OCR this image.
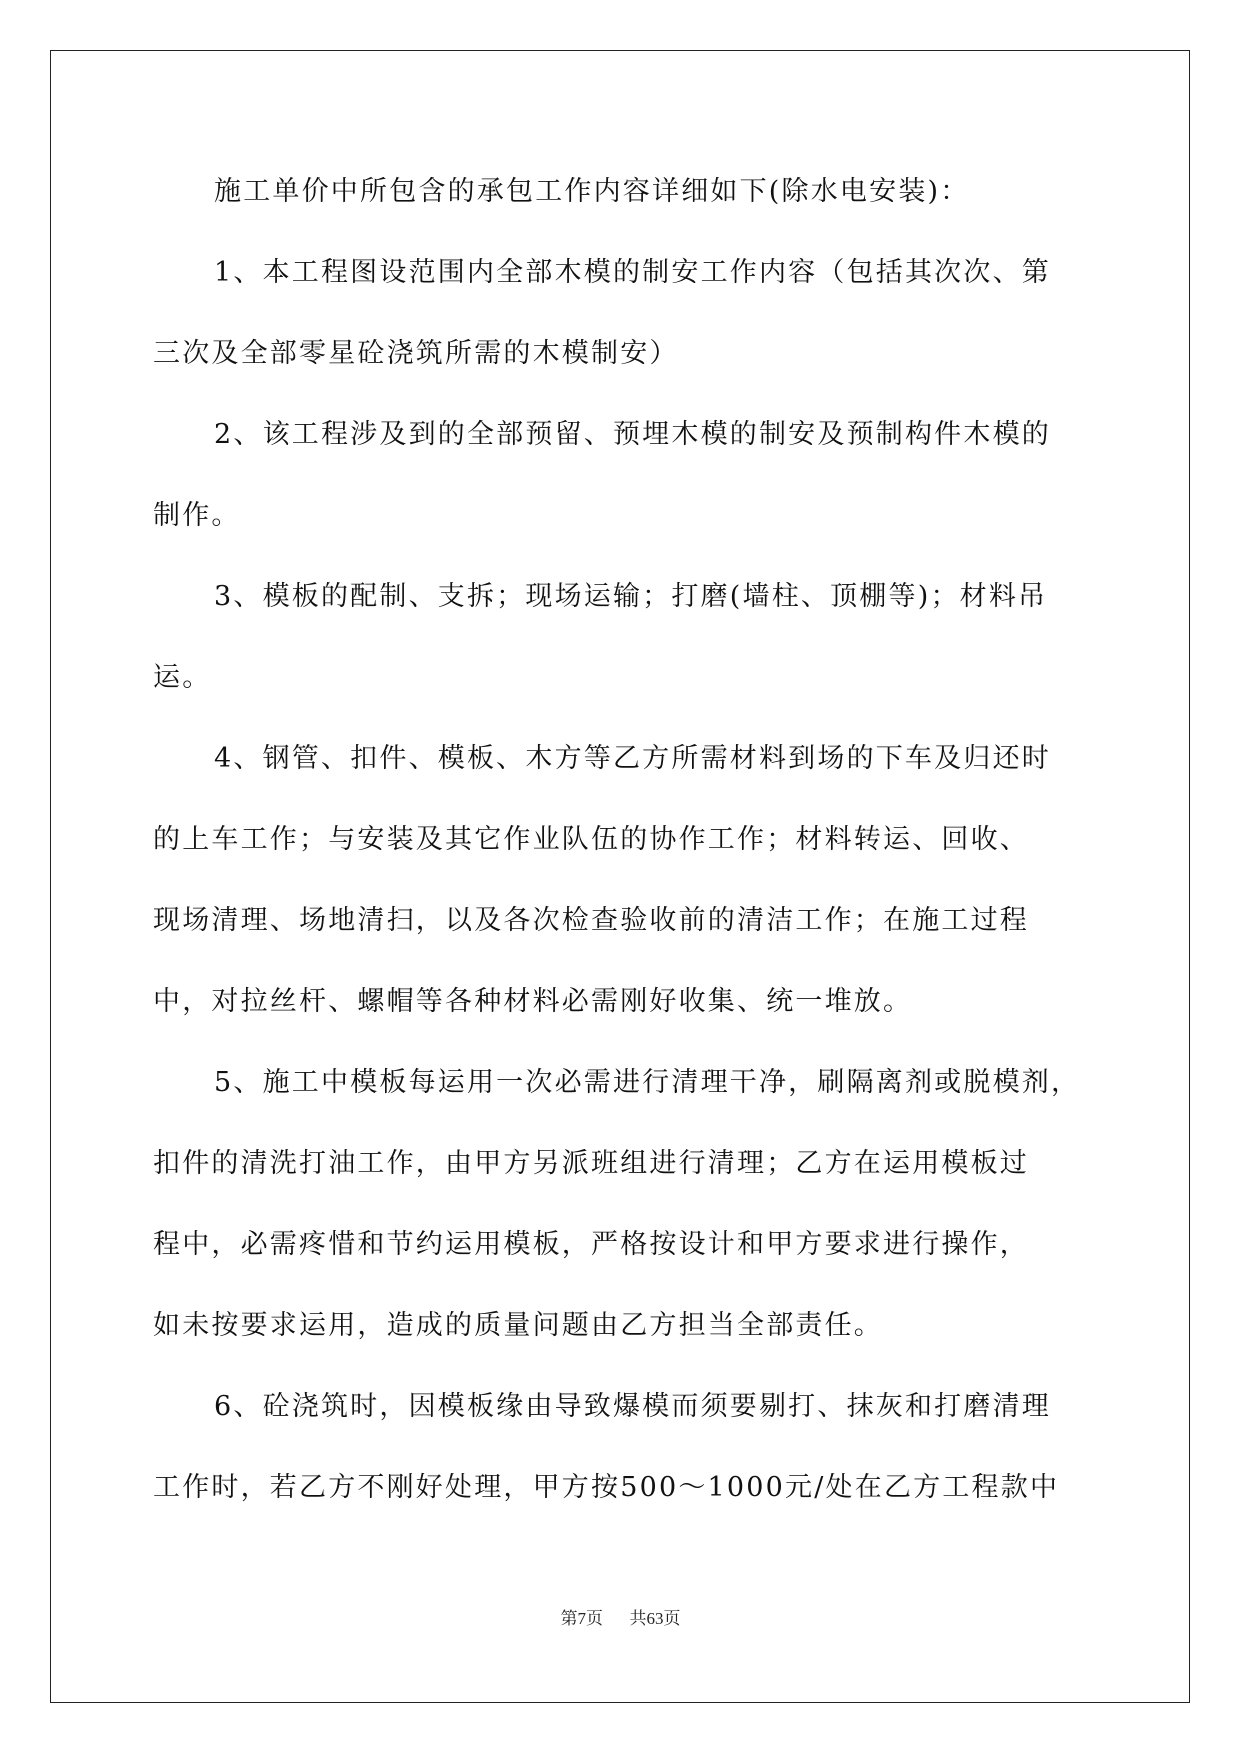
施工单价中所包含的承包工作内容详细如下(除水电安装)：
1、本工程图设范围内全部木模的制安工作内容（包括其次次、第
三次及全部零星砼浇筑所需的木模制安）
2、该工程涉及到的全部预留、预埋木模的制安及预制构件木模的
制作。
3、模板的配制、支拆；现场运输；打磨(墙柱、顶棚等)；材料吊
运。
4、钢管、扣件、模板、木方等乙方所需材料到场的下车及归还时
的上车工作；与安装及其它作业队伍的协作工作；材料转运、回收、
现场清理、场地清扫，以及各次检查验收前的清洁工作；在施工过程
中，对拉丝杆、螺帽等各种材料必需刚好收集、统一堆放。
5、施工中模板每运用一次必需进行清理干净，刷隔离剂或脱模剂，
扣件的清洗打油工作，由甲方另派班组进行清理；乙方在运用模板过
程中，必需疼惜和节约运用模板，严格按设计和甲方要求进行操作，
如未按要求运用，造成的质量问题由乙方担当全部责任。
6、砼浇筑时，因模板缘由导致爆模而须要剔打、抹灰和打磨清理
工作时，若乙方不刚好处理，甲方按500～1000元/处在乙方工程款中
第7页 共63页
